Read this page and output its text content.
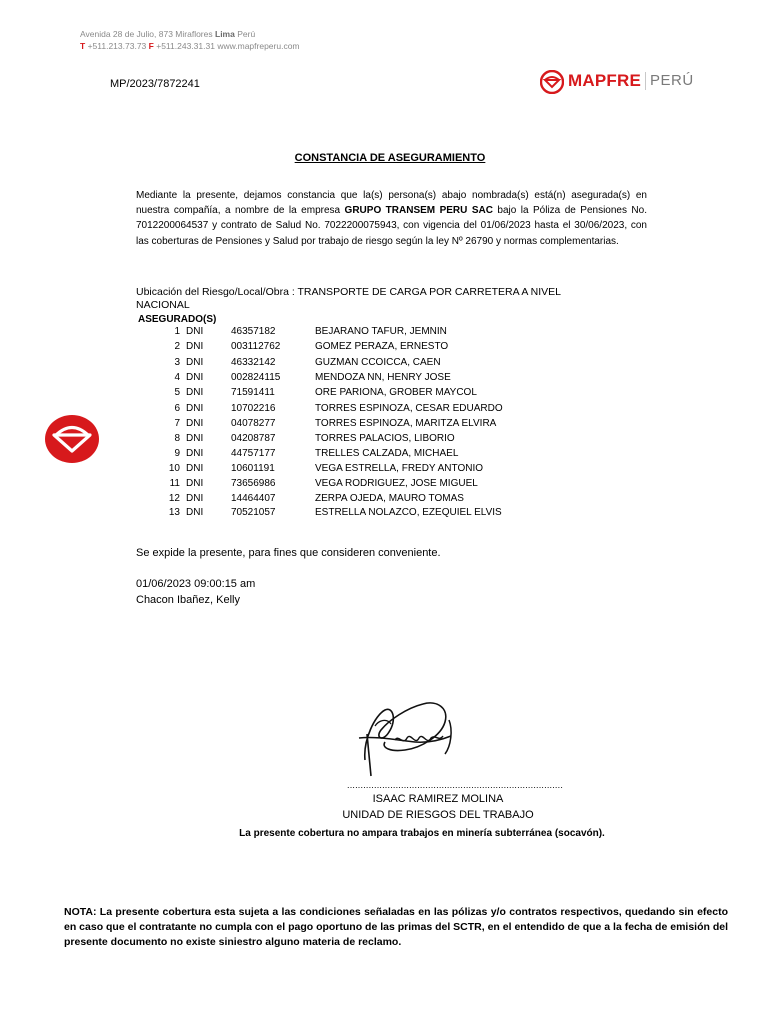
Avenida 28 de Julio, 873 Miraflores Lima Perú
T +511.213.73.73 F +511.243.31.31 www.mapfreperu.com
MP/2023/7872241	MAPFRE PERÚ
CONSTANCIA DE ASEGURAMIENTO
Mediante la presente, dejamos constancia que la(s) persona(s) abajo nombrada(s) está(n) asegurada(s) en nuestra compañía, a nombre de la empresa GRUPO TRANSEM PERU SAC bajo la Póliza de Pensiones No. 7012200064537 y contrato de Salud No. 7022200075943, con vigencia del 01/06/2023 hasta el 30/06/2023, con las coberturas de Pensiones y Salud por trabajo de riesgo según la ley Nº 26790 y normas complementarias.
Ubicación del Riesgo/Local/Obra : TRANSPORTE DE CARGA POR CARRETERA A NIVEL NACIONAL
ASEGURADO(S)
1 DNI	46357182	BEJARANO TAFUR, JEMNIN
2 DNI	003112762	GOMEZ PERAZA, ERNESTO
3 DNI	46332142	GUZMAN CCOICCA, CAEN
4 DNI	002824115	MENDOZA NN, HENRY JOSE
5 DNI	71591411	ORE PARIONA, GROBER MAYCOL
6 DNI	10702216	TORRES ESPINOZA, CESAR EDUARDO
7 DNI	04078277	TORRES ESPINOZA, MARITZA ELVIRA
8 DNI	04208787	TORRES PALACIOS, LIBORIO
9 DNI	44757177	TRELLES CALZADA, MICHAEL
10 DNI	10601191	VEGA ESTRELLA, FREDY ANTONIO
11 DNI	73656986	VEGA RODRIGUEZ, JOSE MIGUEL
12 DNI	14464407	ZERPA OJEDA, MAURO TOMAS
13 DNI	70521057	ESTRELLA NOLAZCO, EZEQUIEL ELVIS
Se expide la presente, para fines que consideren conveniente.
01/06/2023 09:00:15 am
Chacon Ibañez, Kelly
................................................................................
ISAAC RAMIREZ MOLINA
UNIDAD DE RIESGOS DEL TRABAJO
La presente cobertura no ampara trabajos en minería subterránea (socavón).
NOTA: La presente cobertura esta sujeta a las condiciones señaladas en las pólizas y/o contratos respectivos, quedando sin efecto en caso que el contratante no cumpla con el pago oportuno de las primas del SCTR, en el entendido de que a la fecha de emisión del presente documento no existe siniestro alguno materia de reclamo.
